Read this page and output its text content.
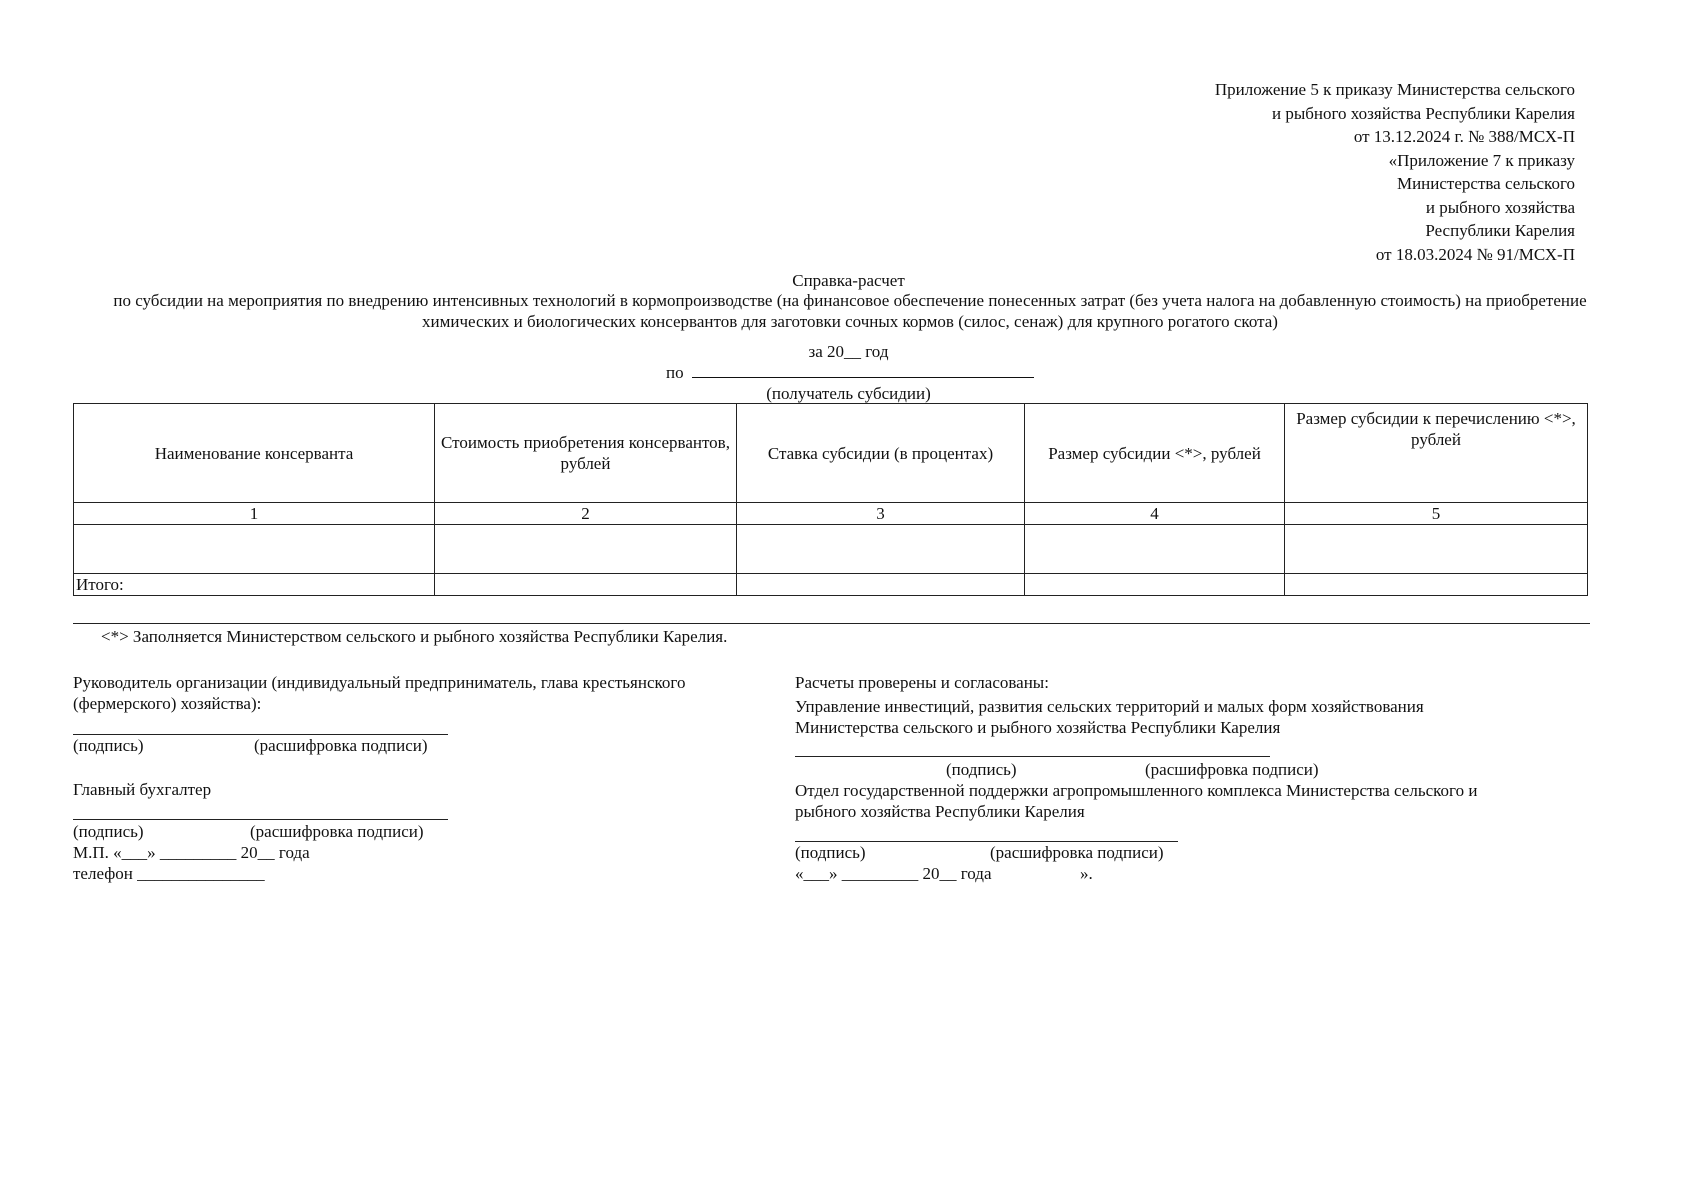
Приложение 5 к приказу Министерства сельского
и рыбного хозяйства Республики Карелия
от 13.12.2024 г. № 388/МСХ-П
«Приложение 7 к приказу
Министерства сельского
и рыбного хозяйства
Республики Карелия
от 18.03.2024 № 91/МСХ-П
Справка-расчет
по субсидии на мероприятия по внедрению интенсивных технологий в кормопроизводстве (на финансовое обеспечение понесенных затрат (без учета налога на добавленную стоимость) на приобретение химических и биологических консервантов для заготовки сочных кормов (силос, сенаж) для крупного рогатого скота)
за 20__ год
по
(получатель субсидии)
Наименование консерванта	Стоимость приобретения консервантов, рублей	Ставка субсидии (в процентах)	Размер субсидии <*>, рублей	Размер субсидии к перечислению <*>, рублей
1	2	3	4	5

Итого:				
<*> Заполняется Министерством сельского и рыбного хозяйства Республики Карелия.
Руководитель организации (индивидуальный предприниматель, глава крестьянского
(фермерского) хозяйства):
(подпись)	(расшифровка подписи)
Главный бухгалтер
(подпись)	(расшифровка подписи)
М.П. «___» _________ 20__ года
телефон _______________
Расчеты проверены и согласованы:
Управление инвестиций, развития сельских территорий и малых форм хозяйствования
Министерства сельского и рыбного хозяйства Республики Карелия
(подпись)	(расшифровка подписи)
Отдел государственной поддержки агропромышленного комплекса Министерства сельского и
рыбного хозяйства Республики Карелия
(подпись)	(расшифровка подписи)
«___» _________ 20__ года	».
